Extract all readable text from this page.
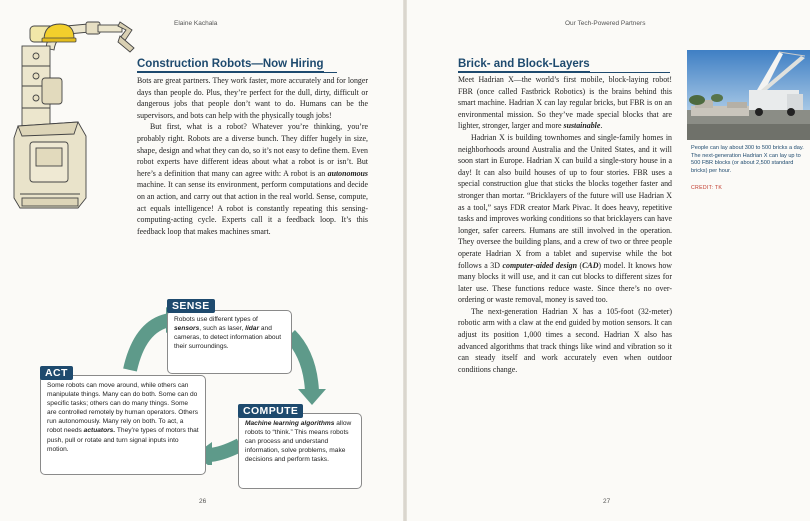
Elaine Kachala	Our Tech-Powered Partners
Construction Robots—Now Hiring

Bots are great partners. They work faster, more accurately and for longer days than people do. Plus, they’re perfect for the dull, dirty, difficult or dangerous jobs that people don’t want to do. Humans can be the supervisors, and bots can help with the physically tough jobs!

But first, what is a robot? Whatever you’re thinking, you’re probably right. Robots are a diverse bunch. They differ hugely in size, shape, design and what they can do, so it’s not easy to define them. Even robot experts have different ideas about what a robot is or isn’t. But here’s a definition that many can agree with: A robot is an autonomous machine. It can sense its environment, perform computations and decide on an action, and carry out that action in the real world. Sense, compute, act equals intelligence! A robot is constantly repeating this sensing-computing-acting cycle. Experts call it a feedback loop. It’s this feedback loop that makes machines smart.

Robots use different types of sensors, such as laser, lidar and cameras, to detect information about their surroundings.
SENSE
Some robots can move around, while others can manipulate things. Many can do both. Some can do specific tasks; others can do many things. Some are controlled remotely by human operators. Others run autonomously. Many rely on both. To act, a robot needs actuators. They’re types of motors that push, pull or rotate and turn signal inputs into motion.
ACT
Machine learning algorithms allow robots to “think.” This means robots can process and understand information, solve problems, make decisions and perform tasks.
COMPUTE
26
Brick- and Block-Layers

Meet Hadrian X—the world’s first mobile, block-laying robot! FBR (once called Fastbrick Robotics) is the brains behind this smart machine. Hadrian X can lay regular bricks, but FBR is on an environmental mission. So they’ve made special blocks that are lighter, stronger, larger and more sustainable.

Hadrian X is building townhomes and single-family homes in neighborhoods around Australia and the United States, and it will soon start in Europe. Hadrian X can build a single-story house in a day! It can also build houses of up to four stories. FBR uses a special construction glue that sticks the blocks together faster and stronger than mortar. “Bricklayers of the future will use Hadrian X as a tool,” says FDR creator Mark Pivac. It does heavy, repetitive tasks and improves working conditions so that bricklayers can have longer, safer careers. Humans are still involved in the operation. They oversee the building plans, and a crew of two or three people operate Hadrian X from a tablet and supervise while the bot follows a 3D computer-aided design (CAD) model. It knows how many blocks it will use, and it can cut blocks to different sizes for later use. These functions reduce waste. Since there’s no over-ordering or waste removal, money is saved too.

The next-generation Hadrian X has a 105-foot (32-meter) robotic arm with a claw at the end guided by motion sensors. It can adjust its position 1,000 times a second. Hadrian X also has advanced algorithms that track things like wind and vibration so it can steady itself and work accurately even when outdoor conditions change.

People can lay about 300 to 500 bricks a day. The next-generation Hadrian X can lay up to 500 FBR blocks (or about 2,500 standard bricks) per hour.
CREDIT: TK
27
